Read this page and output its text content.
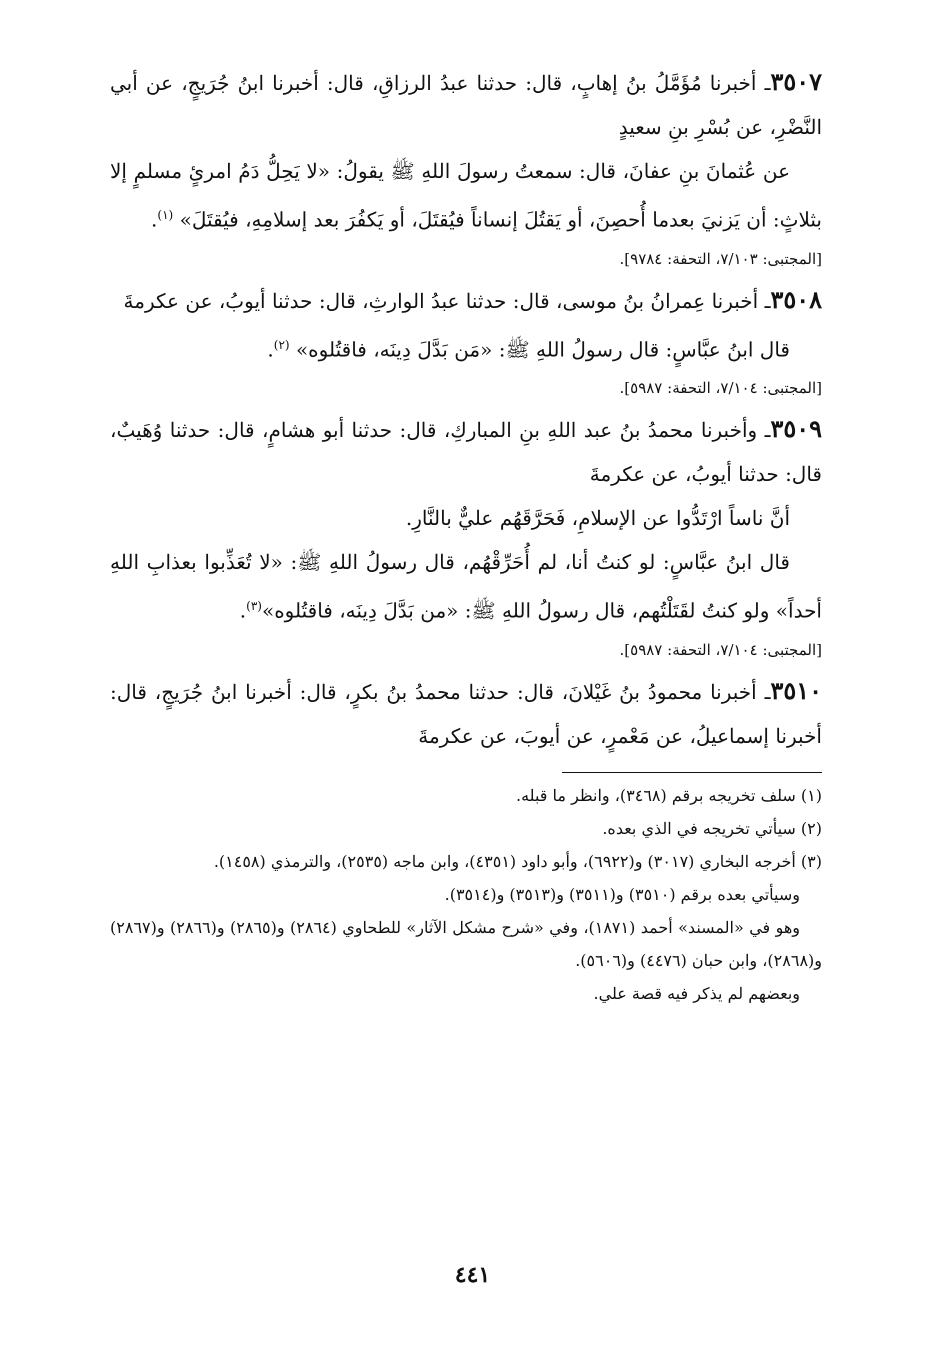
٣٥٠٧ـ أخبرنا مُؤَمَّلُ بنُ إهابٍ، قال: حدثنا عبدُ الرزاقِ، قال: أخبرنا ابنُ جُرَيجٍ، عن أبي النَّضْرِ، عن بُسْرِ بنِ سعيدٍ

عن عُثمانَ بنِ عفانَ، قال: سمعتُ رسولَ اللهِ ﷺ يقولُ: «لا يَحِلُّ دَمُ امرئٍ مسلمٍ إلا بثلاثٍ: أن يَزنيَ بعدما أُحصِنَ، أو يَقتُلَ إنساناً فيُقتَلَ، أو يَكفُرَ بعد إسلامِهِ، فيُقتَلَ» $^{(١)}$.

[المجتبى: ٧/١٠٣، التحفة: ٩٧٨٤].

٣٥٠٨ـ أخبرنا عِمرانُ بنُ موسى، قال: حدثنا عبدُ الوارثِ، قال: حدثنا أيوبُ، عن عكرمةَ

قال ابنُ عبَّاسٍ: قال رسولُ اللهِ ﷺ: «مَن بَدَّلَ دِينَه، فاقتُلوه» $^{(٢)}$.

[المجتبى: ٧/١٠٤، التحفة: ٥٩٨٧].

٣٥٠٩ـ وأخبرنا محمدُ بنُ عبد اللهِ بنِ المباركِ، قال: حدثنا أبو هشامٍ، قال: حدثنا وُهَيبٌ، قال: حدثنا أيوبُ، عن عكرمةَ

أنَّ ناساً ارْتَدُّوا عن الإسلامِ، فَحَرَّقَهُم عليٌّ بالنَّارِ.

قال ابنُ عبَّاسٍ: لو كنتُ أنا، لم أُحَرِّقْهُم، قال رسولُ اللهِ ﷺ: «لا تُعَذِّبوا بعذابِ اللهِ أحداً» ولو كنتُ لقَتَلْتُهم، قال رسولُ اللهِ ﷺ: «من بَدَّلَ دِينَه، فاقتُلوه»$^{(٣)}$.

[المجتبى: ٧/١٠٤، التحفة: ٥٩٨٧].

٣٥١٠ـ أخبرنا محمودُ بنُ غَيْلانَ، قال: حدثنا محمدُ بنُ بكرٍ، قال: أخبرنا ابنُ جُرَيجٍ، قال: أخبرنا إسماعيلُ، عن مَعْمرٍ، عن أيوبَ، عن عكرمةَ

(١) سلف تخريجه برقم (٣٤٦٨)، وانظر ما قبله.

(٢) سيأتي تخريجه في الذي بعده.

(٣) أخرجه البخاري (٣٠١٧) و(٦٩٢٢)، وأبو داود (٤٣٥١)، وابن ماجه (٢٥٣٥)، والترمذي (١٤٥٨).

وسيأتي بعده برقم (٣٥١٠) و(٣٥١١) و(٣٥١٣) و(٣٥١٤).

وهو في «المسند» أحمد (١٨٧١)، وفي «شرح مشكل الآثار» للطحاوي (٢٨٦٤) و(٢٨٦٥) و(٢٨٦٦) و(٢٨٦٧) و(٢٨٦٨)، وابن حبان (٤٤٧٦) و(٥٦٠٦).

وبعضهم لم يذكر فيه قصة علي.

٤٤١
